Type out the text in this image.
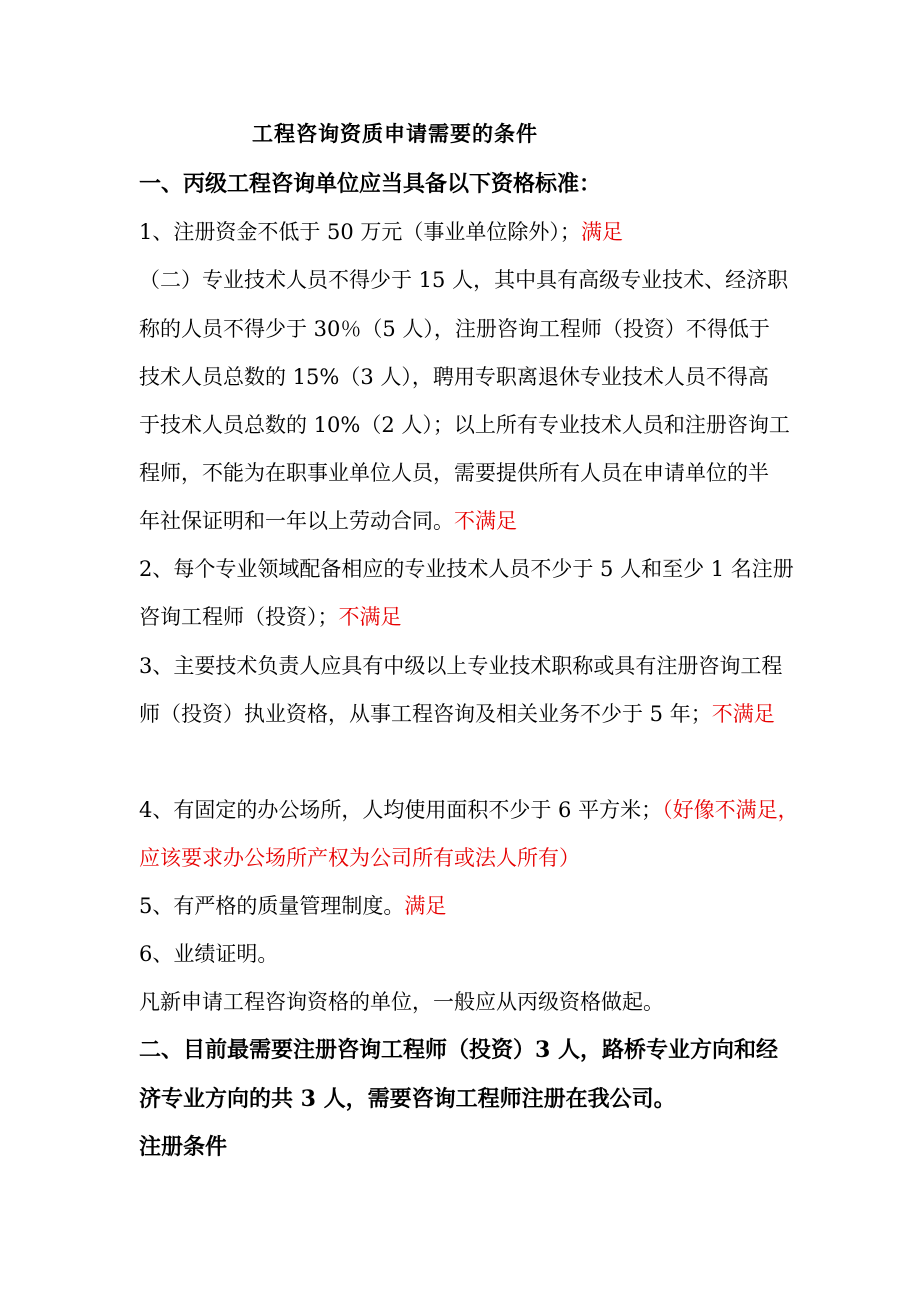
工程咨询资质申请需要的条件
一、丙级工程咨询单位应当具备以下资格标准：
1、注册资金不低于 50 万元（事业单位除外）；满足
（二）专业技术人员不得少于 15 人，其中具有高级专业技术、经济职
称的人员不得少于 30％（5 人），注册咨询工程师（投资）不得低于
技术人员总数的 15%（3 人），聘用专职离退休专业技术人员不得高
于技术人员总数的 10%（2 人）；以上所有专业技术人员和注册咨询工
程师，不能为在职事业单位人员，需要提供所有人员在申请单位的半
年社保证明和一年以上劳动合同。不满足
2、每个专业领域配备相应的专业技术人员不少于 5 人和至少 1 名注册
咨询工程师（投资）；不满足
3、主要技术负责人应具有中级以上专业技术职称或具有注册咨询工程
师（投资）执业资格，从事工程咨询及相关业务不少于 5 年；不满足
4、有固定的办公场所，人均使用面积不少于 6 平方米；（好像不满足，
应该要求办公场所产权为公司所有或法人所有）
5、有严格的质量管理制度。满足
6、业绩证明。
凡新申请工程咨询资格的单位，一般应从丙级资格做起。
二、目前最需要注册咨询工程师（投资）3 人，路桥专业方向和经
济专业方向的共 3 人，需要咨询工程师注册在我公司。
注册条件
